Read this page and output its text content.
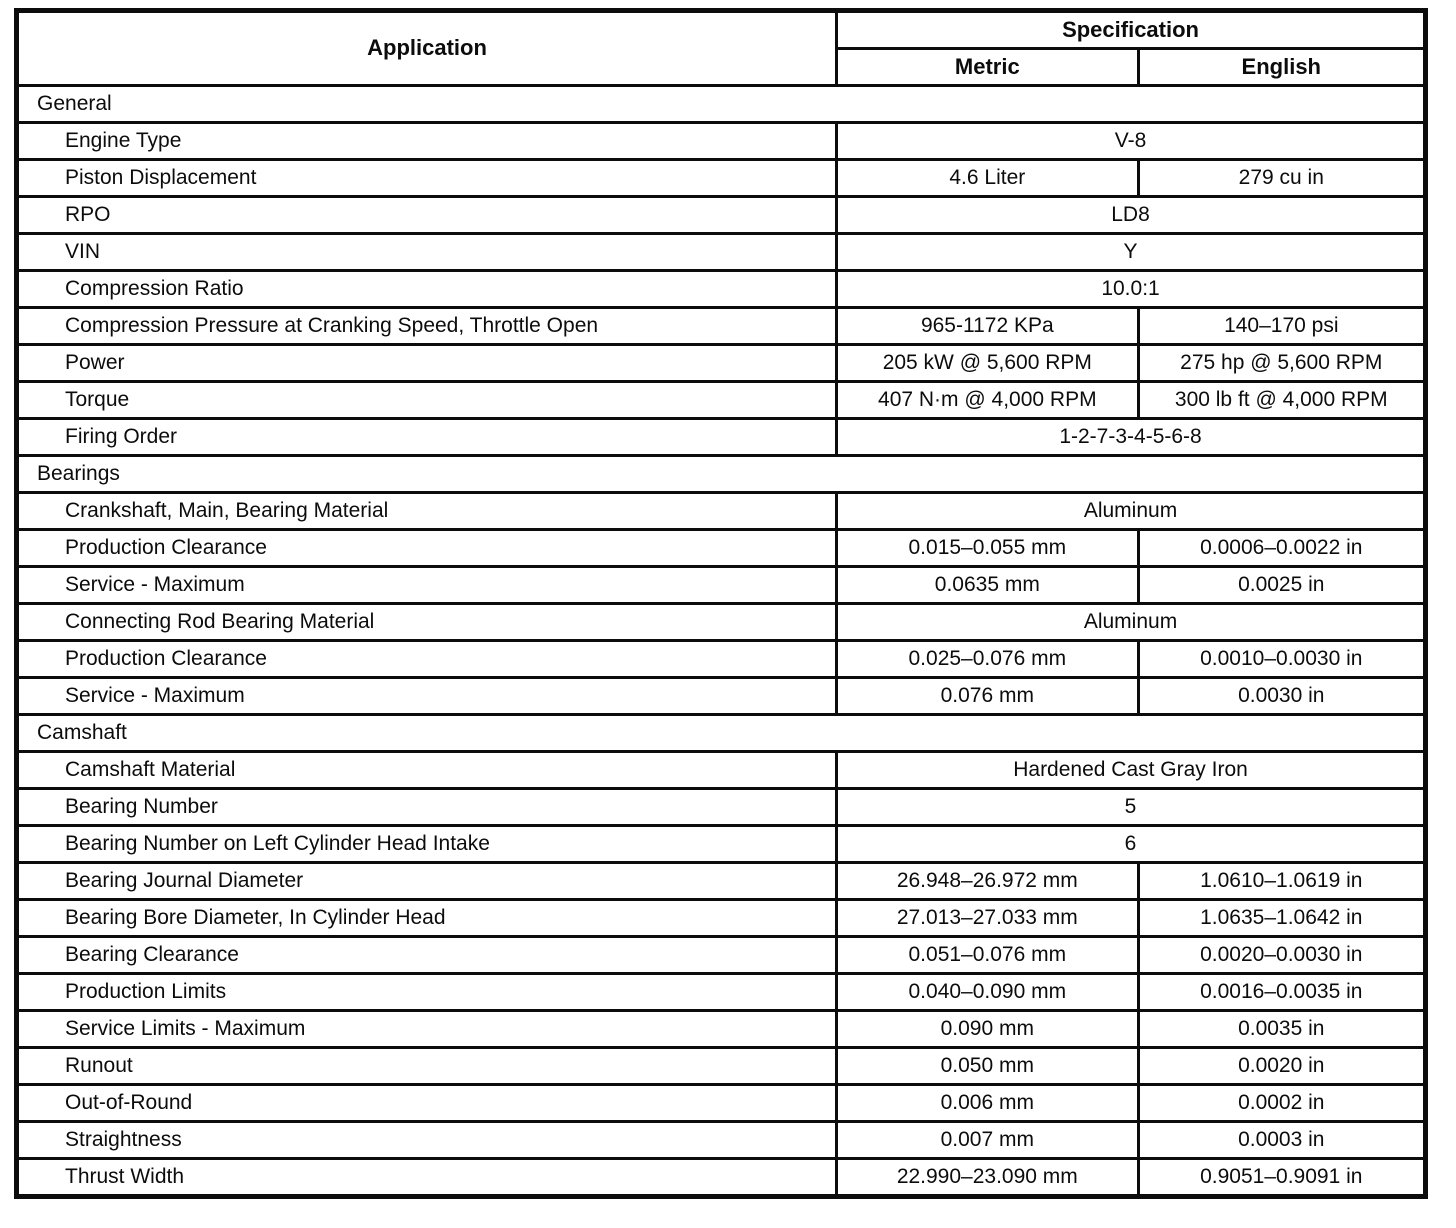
Application	Specification	
	Metric	English
General		
Engine Type	V-8	
Piston Displacement	4.6 Liter	279 cu in
RPO	LD8	
VIN	Y	
Compression Ratio	10.0:1	
Compression Pressure at Cranking Speed, Throttle Open	965-1172 KPa	140–170 psi
Power	205 kW @ 5,600 RPM	275 hp @ 5,600 RPM
Torque	407 N·m @ 4,000 RPM	300 lb ft @ 4,000 RPM
Firing Order	1-2-7-3-4-5-6-8	
Bearings		
Crankshaft, Main, Bearing Material	Aluminum	
Production Clearance	0.015–0.055 mm	0.0006–0.0022 in
Service - Maximum	0.0635 mm	0.0025 in
Connecting Rod Bearing Material	Aluminum	
Production Clearance	0.025–0.076 mm	0.0010–0.0030 in
Service - Maximum	0.076 mm	0.0030 in
Camshaft		
Camshaft Material	Hardened Cast Gray Iron	
Bearing Number	5	
Bearing Number on Left Cylinder Head Intake	6	
Bearing Journal Diameter	26.948–26.972 mm	1.0610–1.0619 in
Bearing Bore Diameter, In Cylinder Head	27.013–27.033 mm	1.0635–1.0642 in
Bearing Clearance	0.051–0.076 mm	0.0020–0.0030 in
Production Limits	0.040–0.090 mm	0.0016–0.0035 in
Service Limits - Maximum	0.090 mm	0.0035 in
Runout	0.050 mm	0.0020 in
Out-of-Round	0.006 mm	0.0002 in
Straightness	0.007 mm	0.0003 in
Thrust Width	22.990–23.090 mm	0.9051–0.9091 in
